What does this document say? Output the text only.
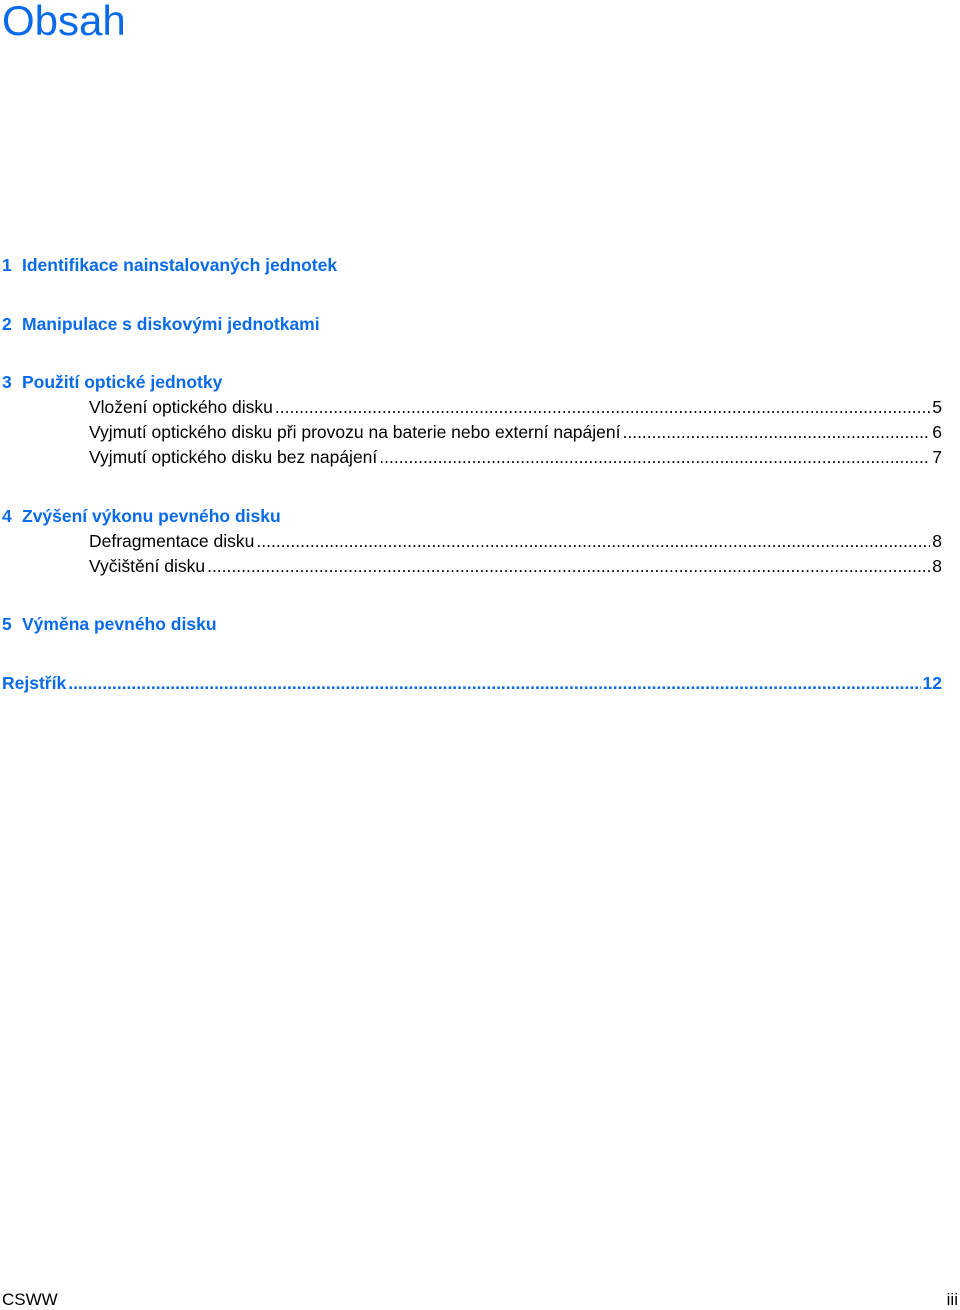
Obsah
1 Identifikace nainstalovaných jednotek
2 Manipulace s diskovými jednotkami
3 Použití optické jednotky
Vložení optického disku .....	5
Vyjmutí optického disku při provozu na baterie nebo externí napájení .....	6
Vyjmutí optického disku bez napájení .....	7
4 Zvýšení výkonu pevného disku
Defragmentace disku .....	8
Vyčištění disku .....	8
5 Výměna pevného disku
Rejstřík .....	12
CSWW	iii
